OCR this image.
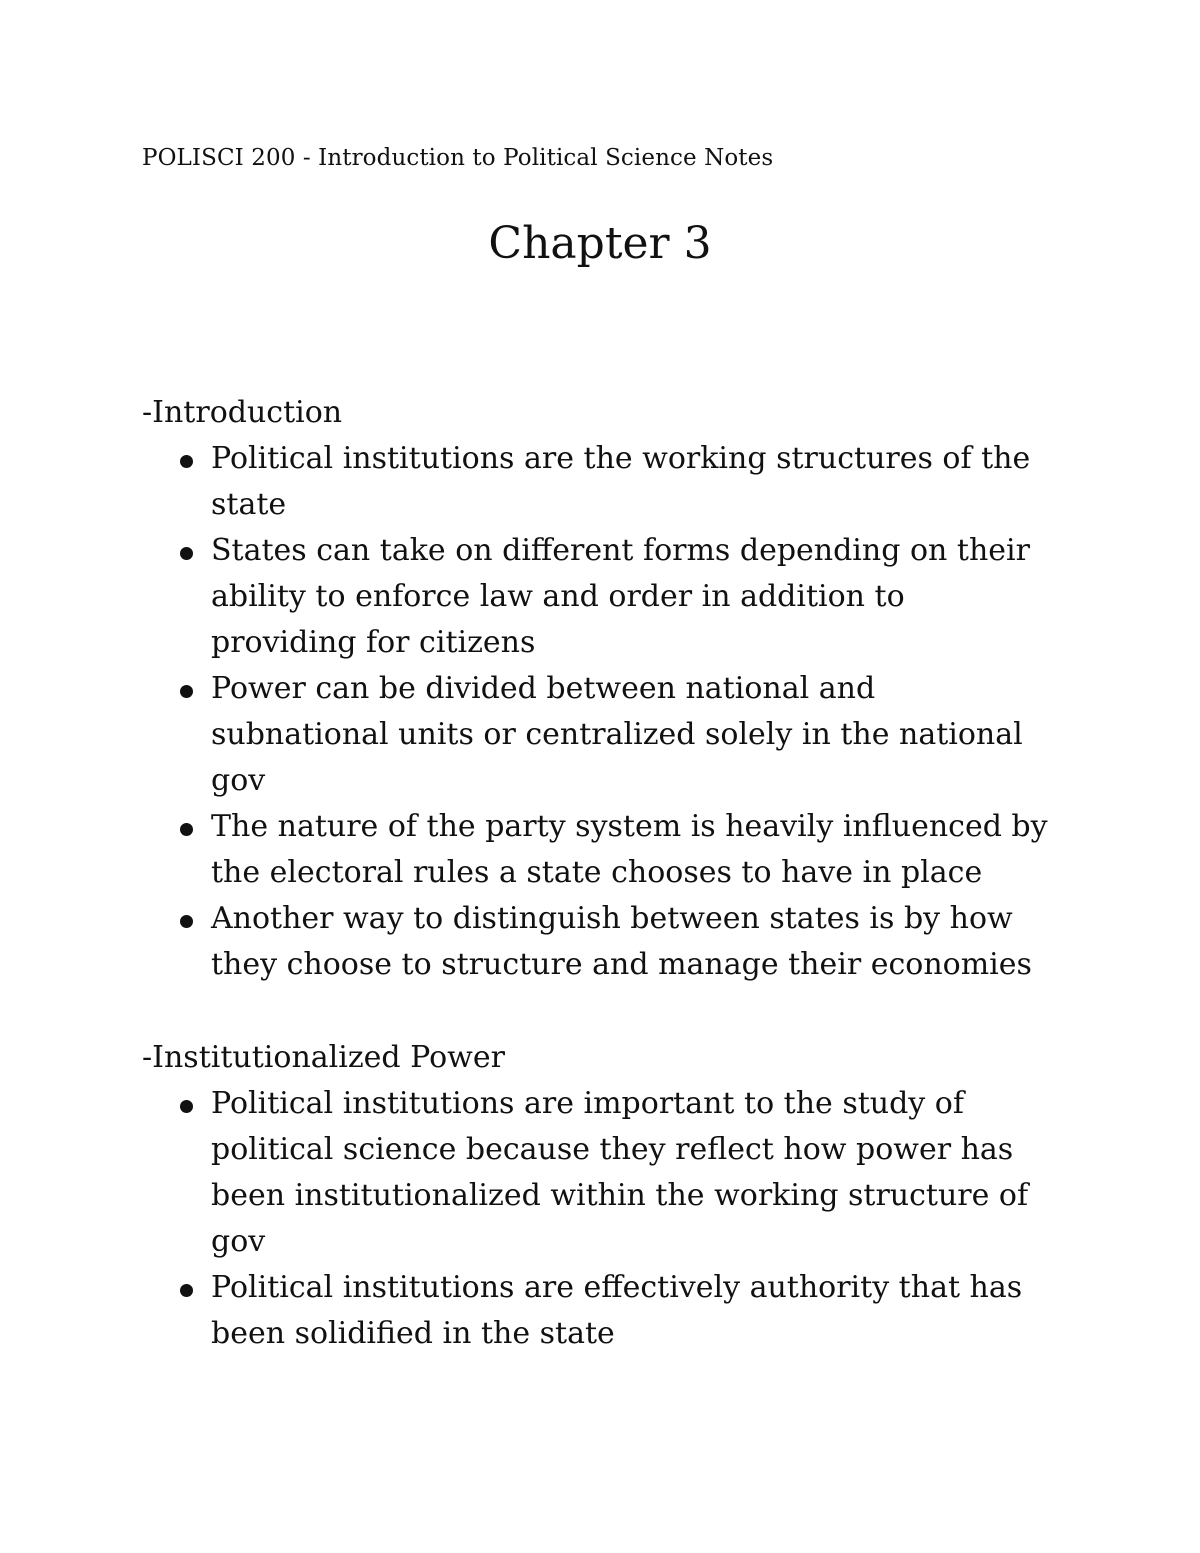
POLISCI 200 - Introduction to Political Science Notes
Chapter 3
-Introduction
Political institutions are the working structures of the
state
States can take on different forms depending on their
ability to enforce law and order in addition to
providing for citizens
Power can be divided between national and
subnational units or centralized solely in the national
gov
The nature of the party system is heavily influenced by
the electoral rules a state chooses to have in place
Another way to distinguish between states is by how
they choose to structure and manage their economies
-Institutionalized Power
Political institutions are important to the study of
political science because they reflect how power has
been institutionalized within the working structure of
gov
Political institutions are effectively authority that has
been solidified in the state
